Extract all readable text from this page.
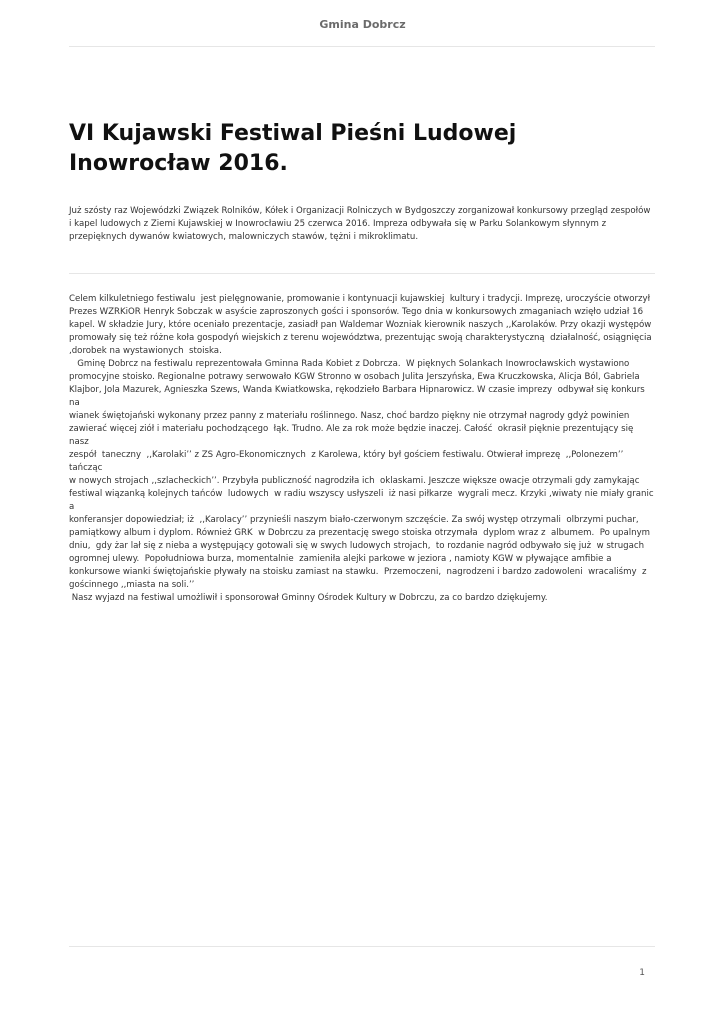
Gmina Dobrcz
VI Kujawski Festiwal Pieśni Ludowej Inowrocław 2016.

Już szósty raz Wojewódzki Związek Rolników, Kółek i Organizacji Rolniczych w Bydgoszczy zorganizował konkursowy przegląd zespołów i kapel ludowych z Ziemi Kujawskiej w Inowrocławiu 25 czerwca 2016. Impreza odbywała się w Parku Solankowym słynnym z przepięknych dywanów kwiatowych, malowniczych stawów, tężni i mikroklimatu.

Celem kilkuletniego festiwalu  jest pielęgnowanie, promowanie i kontynuacji kujawskiej  kultury i tradycji. Imprezę, uroczyście otworzył
Prezes WZRKiOR Henryk Sobczak w asyście zaproszonych gości i sponsorów. Tego dnia w konkursowych zmaganiach wzięło udział 16
kapel. W składzie Jury, które oceniało prezentacje, zasiadł pan Waldemar Wozniak kierownik naszych ,,Karolaków. Przy okazji występów
promowały się też różne koła gospodyń wiejskich z terenu województwa, prezentując swoją charakterystyczną  działalność, osiągnięcia
,dorobek na wystawionych  stoiska.
Gminę Dobrcz na festiwalu reprezentowała Gminna Rada Kobiet z Dobrcza.  W pięknych Solankach Inowrocławskich wystawiono
promocyjne stoisko. Regionalne potrawy serwowało KGW Stronno w osobach Julita Jerszyńska, Ewa Kruczkowska, Alicja Ból, Gabriela
Klajbor, Jola Mazurek, Agnieszka Szews, Wanda Kwiatkowska, rękodzieło Barbara Hipnarowicz. W czasie imprezy  odbywał się konkurs na
wianek świętojański wykonany przez panny z materiału roślinnego. Nasz, choć bardzo piękny nie otrzymał nagrody gdyż powinien
zawierać więcej ziół i materiału pochodzącego  łąk. Trudno. Ale za rok może będzie inaczej. Całość  okrasił pięknie prezentujący się nasz
zespół  taneczny  ,,Karolaki’’ z ZS Agro-Ekonomicznych  z Karolewa, który był gościem festiwalu. Otwierał imprezę  ,,Polonezem’’ tańcząc
w nowych strojach ,,szlacheckich’’. Przybyła publiczność nagrodziła ich  oklaskami. Jeszcze większe owacje otrzymali gdy zamykając
festiwal wiązanką kolejnych tańców  ludowych  w radiu wszyscy usłyszeli  iż nasi piłkarze  wygrali mecz. Krzyki ,wiwaty nie miały granic a
konferansjer dopowiedział; iż  ,,Karolacy’’ przynieśli naszym biało-czerwonym szczęście. Za swój występ otrzymali  olbrzymi puchar,
pamiątkowy album i dyplom. Również GRK  w Dobrczu za prezentację swego stoiska otrzymała  dyplom wraz z  albumem.  Po upalnym
dniu,  gdy żar lał się z nieba a występujący gotowali się w swych ludowych strojach,  to rozdanie nagród odbywało się już  w strugach
ogromnej ulewy.  Popołudniowa burza, momentalnie  zamieniła alejki parkowe w jeziora , namioty KGW w pływające amfibie a
konkursowe wianki świętojańskie pływały na stoisku zamiast na stawku.  Przemoczeni,  nagrodzeni i bardzo zadowoleni  wracaliśmy  z
gościnnego ,,miasta na soli.’’
Nasz wyjazd na festiwal umożliwił i sponsorował Gminny Ośrodek Kultury w Dobrczu, za co bardzo dziękujemy.
1
